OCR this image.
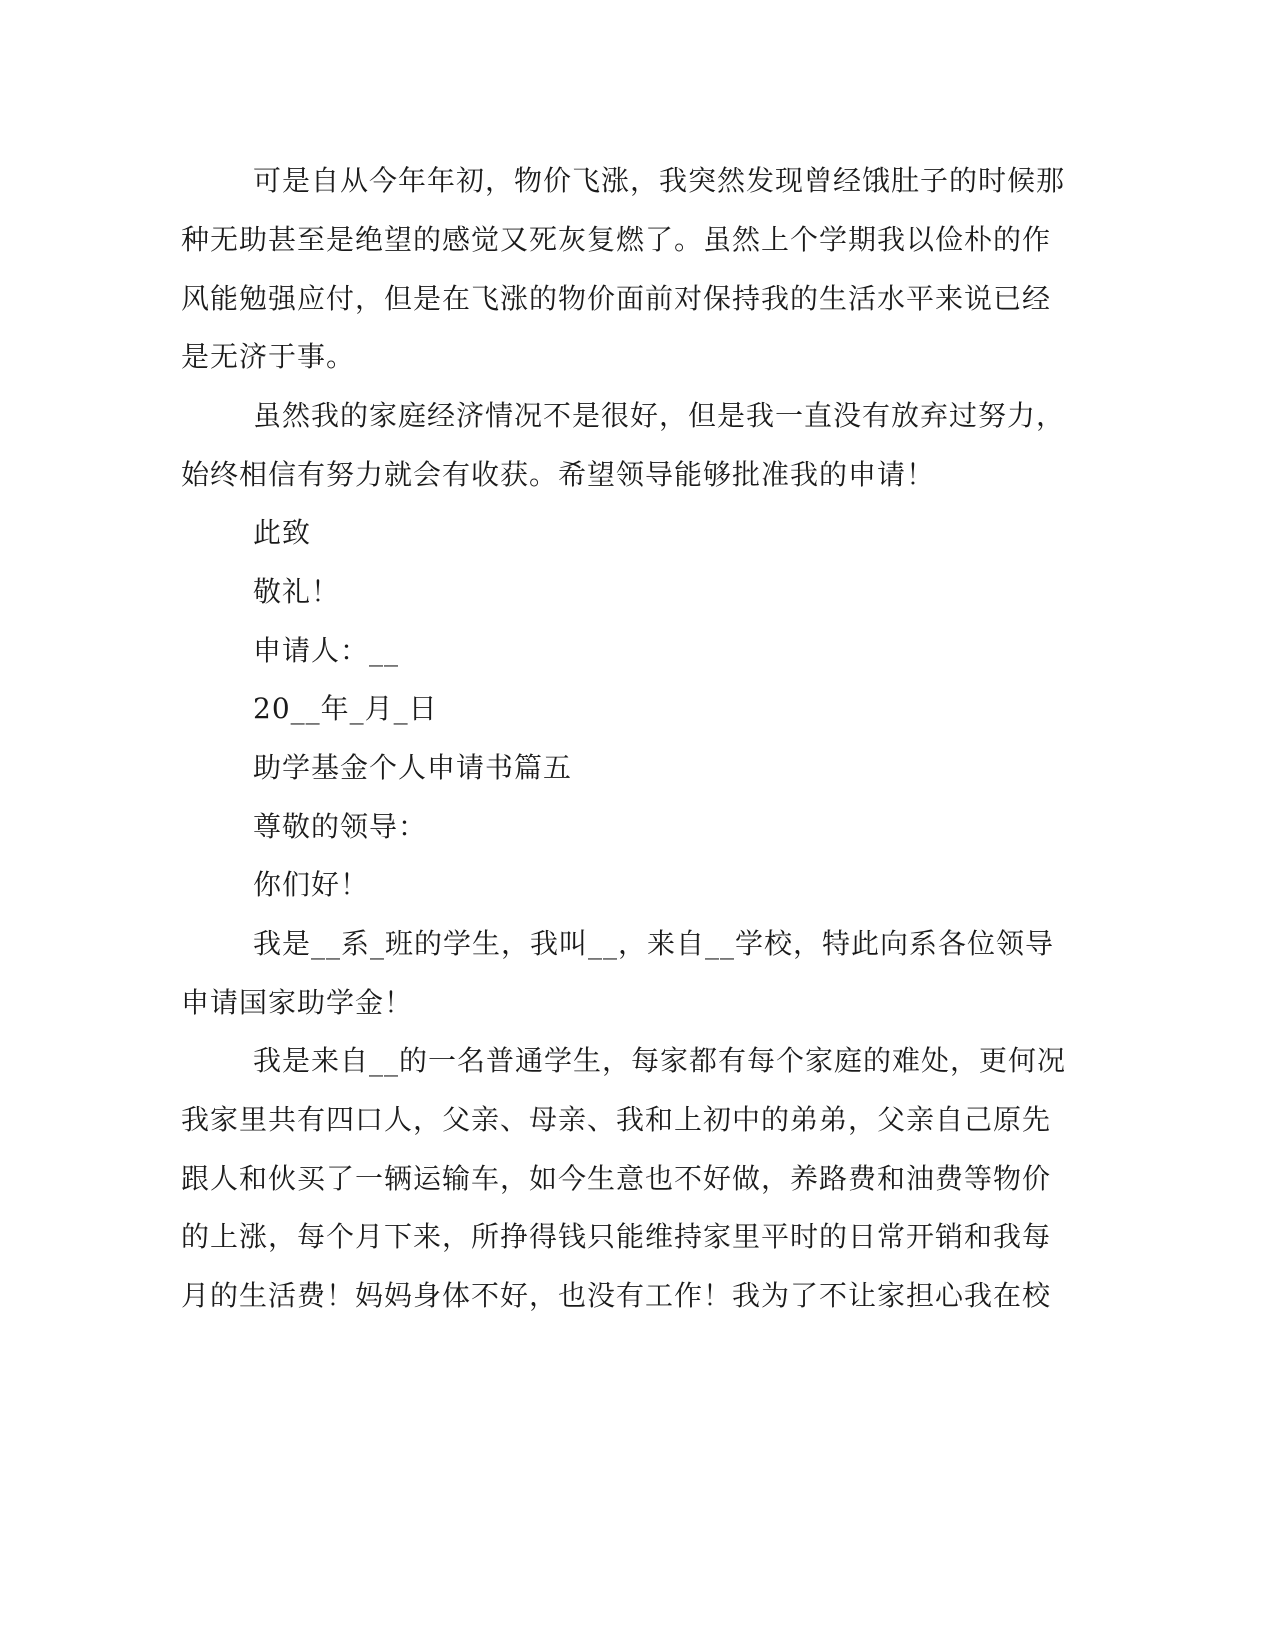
可是自从今年年初，物价飞涨，我突然发现曾经饿肚子的时候那
种无助甚至是绝望的感觉又死灰复燃了。虽然上个学期我以俭朴的作
风能勉强应付，但是在飞涨的物价面前对保持我的生活水平来说已经
是无济于事。
虽然我的家庭经济情况不是很好，但是我一直没有放弃过努力，
始终相信有努力就会有收获。希望领导能够批准我的申请！
此致
敬礼！
申请人：__
20__年_月_日
助学基金个人申请书篇五
尊敬的领导：
你们好！
我是__系_班的学生，我叫__，来自__学校，特此向系各位领导
申请国家助学金！
我是来自__的一名普通学生，每家都有每个家庭的难处，更何况
我家里共有四口人，父亲、母亲、我和上初中的弟弟，父亲自己原先
跟人和伙买了一辆运输车，如今生意也不好做，养路费和油费等物价
的上涨，每个月下来，所挣得钱只能维持家里平时的日常开销和我每
月的生活费！妈妈身体不好，也没有工作！我为了不让家担心我在校
